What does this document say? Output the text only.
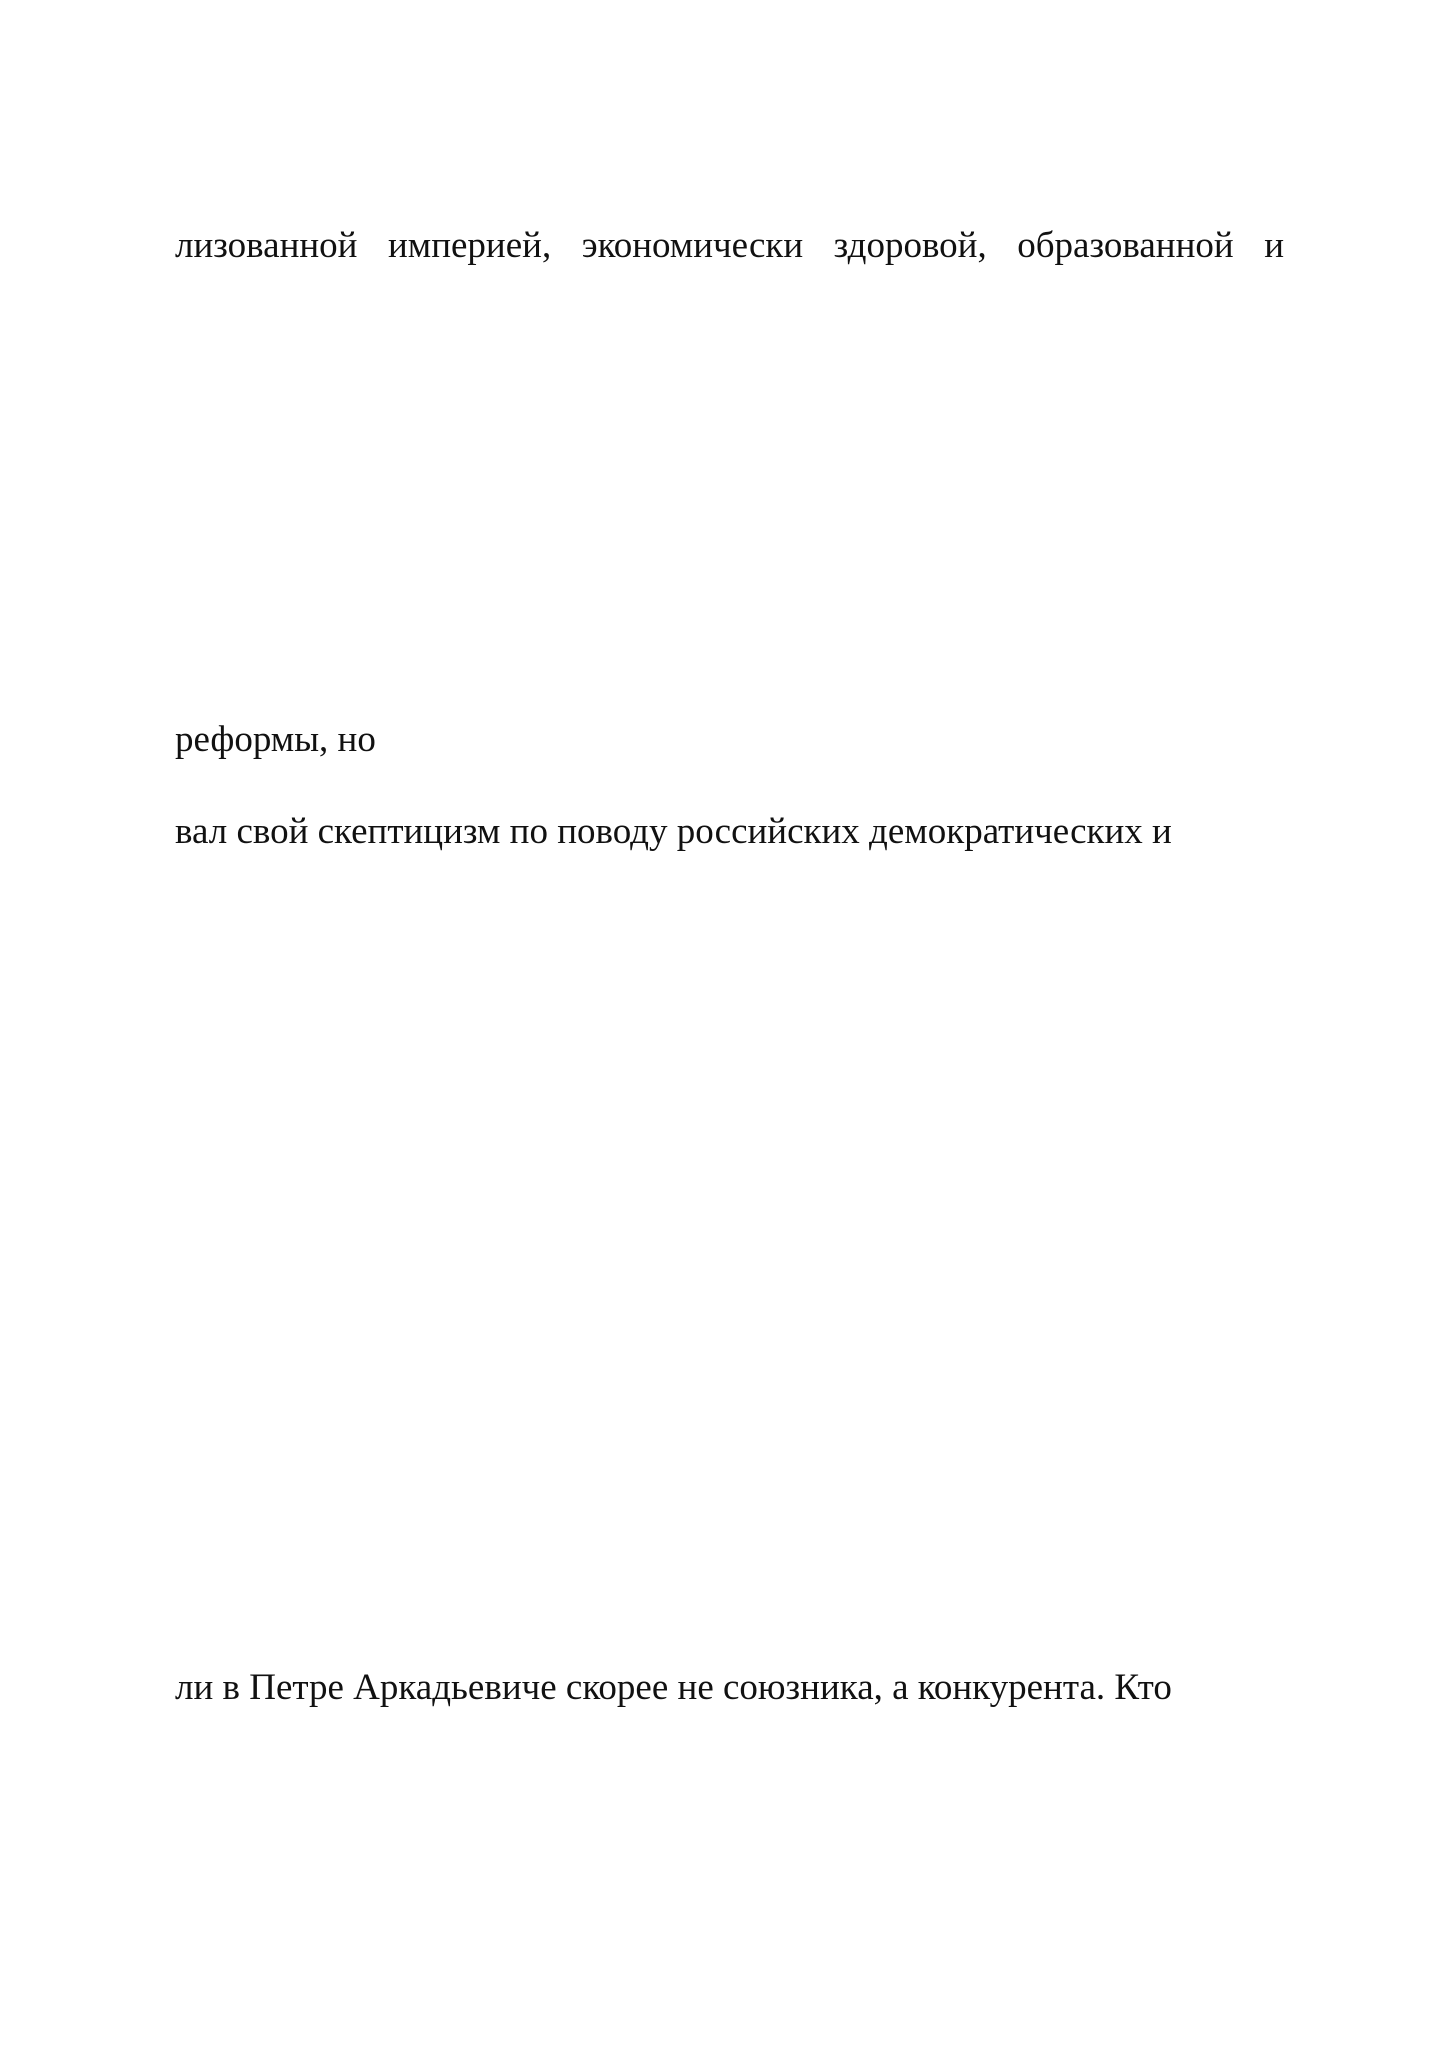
лизованной империей, экономически здоровой, образованной и
реформы, но
вал свой скептицизм по поводу российских демократических и
ли в Петре Аркадьевиче скорее не союзника, а конкурента. Кто
